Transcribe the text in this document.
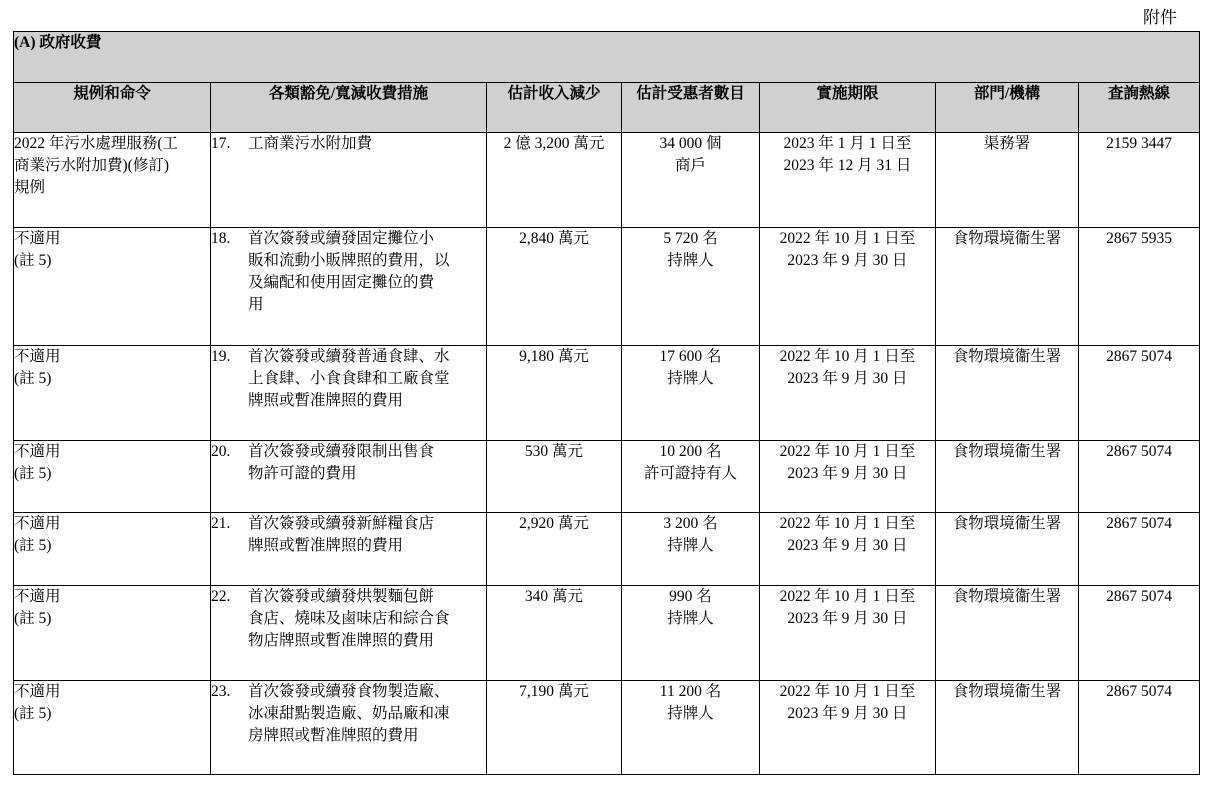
附件
(A) 政府收費						
規例和命令	各類豁免/寬減收費措施	估計收入減少	估計受惠者數目	實施期限	部門/機構	查詢熱線

2022 年污水處理服務(工
商業污水附加費)(修訂)
規例	17. 工商業污水附加費	2 億 3,200 萬元	34 000 個
商戶	2023 年 1 月 1 日至
2023 年 12 月 31 日	渠務署	2159 3447

不適用
(註 5)	18. 首次簽發或續發固定攤位小
販和流動小販牌照的費用，以
及編配和使用固定攤位的費
用	2,840 萬元	5 720 名
持牌人	2022 年 10 月 1 日至
2023 年 9 月 30 日	食物環境衞生署	2867 5935

不適用
(註 5)	19. 首次簽發或續發普通食肆、水
上食肆、小食食肆和工廠食堂
牌照或暫准牌照的費用	9,180 萬元	17 600 名
持牌人	2022 年 10 月 1 日至
2023 年 9 月 30 日	食物環境衞生署	2867 5074

不適用
(註 5)	20. 首次簽發或續發限制出售食
物許可證的費用	530 萬元	10 200 名
許可證持有人	2022 年 10 月 1 日至
2023 年 9 月 30 日	食物環境衞生署	2867 5074

不適用
(註 5)	21. 首次簽發或續發新鮮糧食店
牌照或暫准牌照的費用	2,920 萬元	3 200 名
持牌人	2022 年 10 月 1 日至
2023 年 9 月 30 日	食物環境衞生署	2867 5074

不適用
(註 5)	22. 首次簽發或續發烘製麵包餅
食店、燒味及鹵味店和綜合食
物店牌照或暫准牌照的費用	340 萬元	990 名
持牌人	2022 年 10 月 1 日至
2023 年 9 月 30 日	食物環境衞生署	2867 5074

不適用
(註 5)	23. 首次簽發或續發食物製造廠、
冰凍甜點製造廠、奶品廠和凍
房牌照或暫准牌照的費用	7,190 萬元	11 200 名
持牌人	2022 年 10 月 1 日至
2023 年 9 月 30 日	食物環境衞生署	2867 5074
